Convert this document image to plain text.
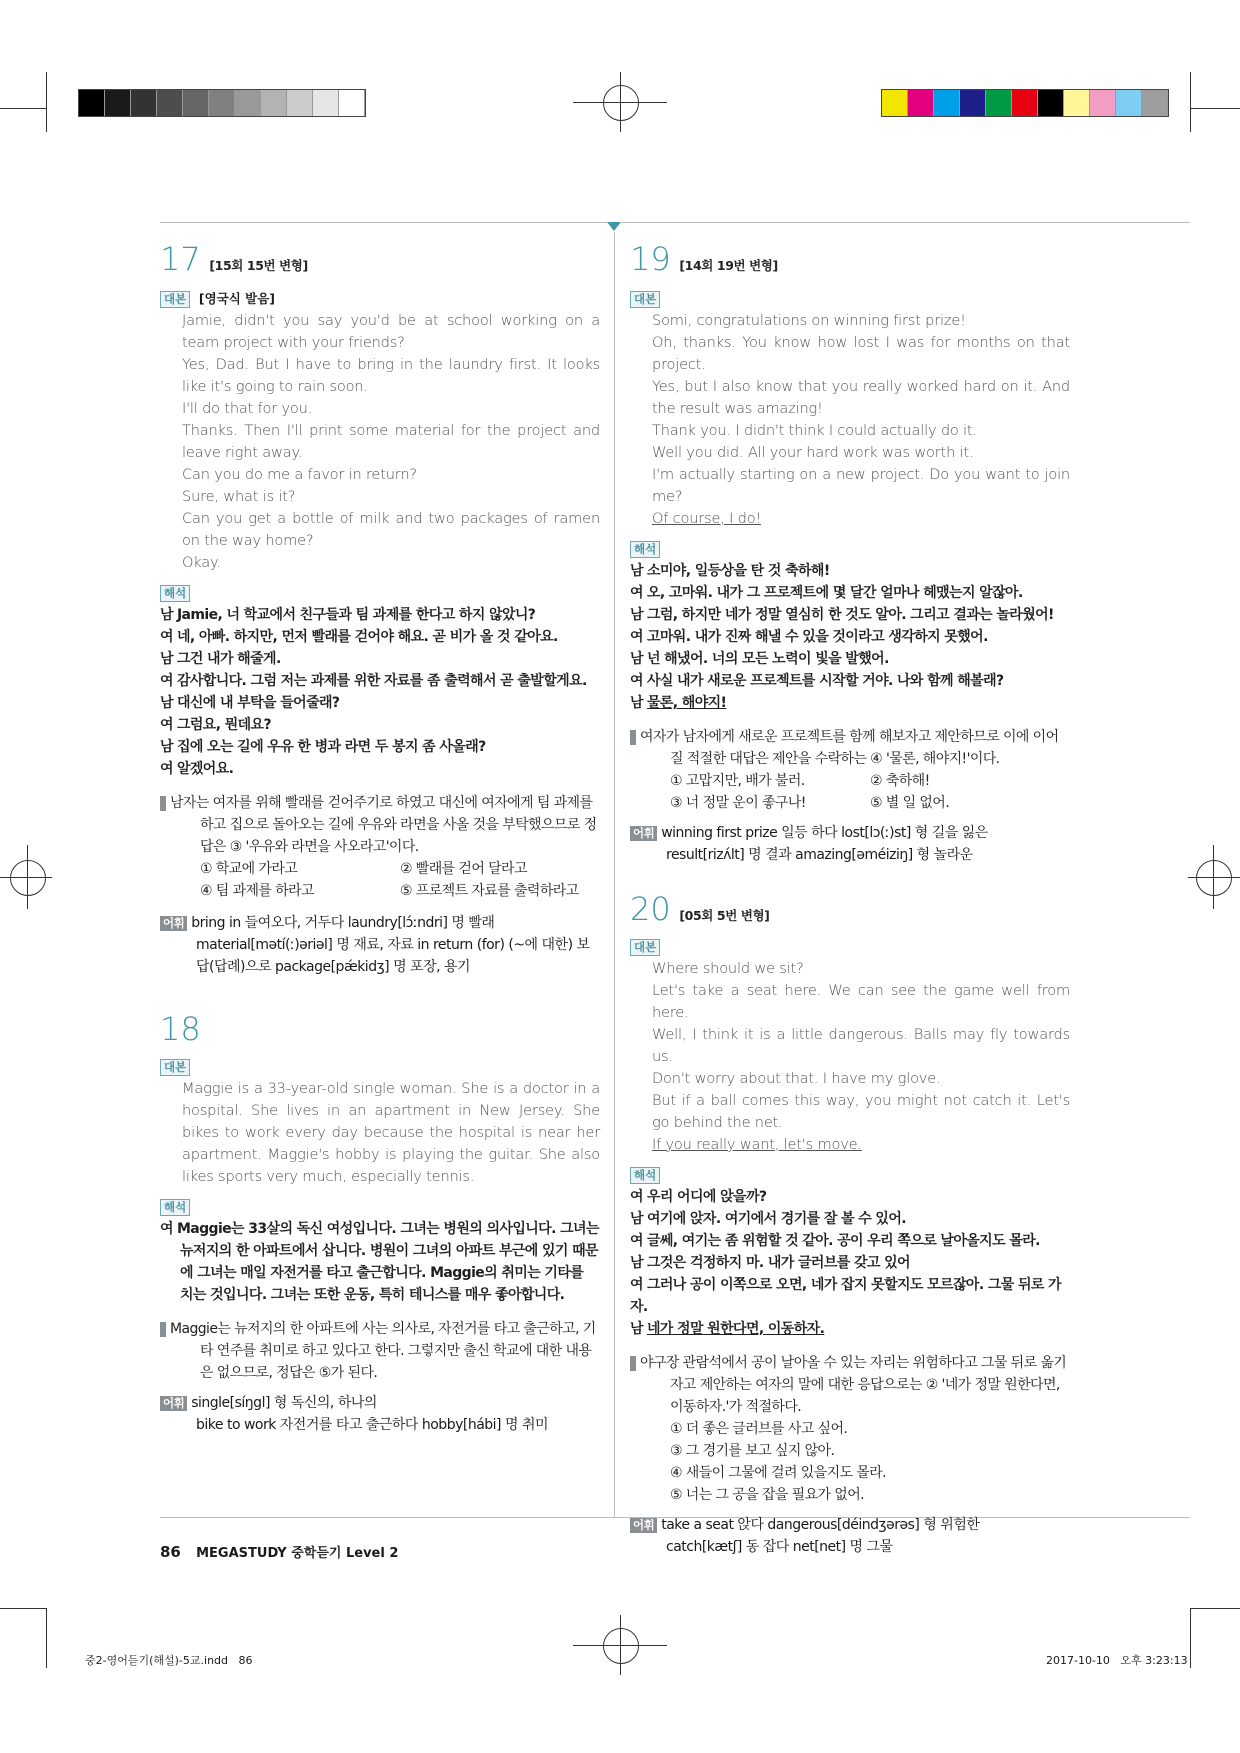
17 [15회 15번 변형]
대본 [영국식 발음]

Jamie, didn't you say you'd be at school working on a team project with your friends?

Yes, Dad. But I have to bring in the laundry first. It looks like it's going to rain soon.

I'll do that for you.

Thanks. Then I'll print some material for the project and leave right away.

Can you do me a favor in return?

Sure, what is it?

Can you get a bottle of milk and two packages of ramen on the way home?

Okay.

해석

남 Jamie, 너 학교에서 친구들과 팀 과제를 한다고 하지 않았니?

여 네, 아빠. 하지만, 먼저 빨래를 걷어야 해요. 곧 비가 올 것 같아요.

남 그건 내가 해줄게.

여 감사합니다. 그럼 저는 과제를 위한 자료를 좀 출력해서 곧 출발할게요.

남 대신에 내 부탁을 들어줄래?

여 그럼요, 뭔데요?

남 집에 오는 길에 우유 한 병과 라면 두 봉지 좀 사올래?

여 알겠어요.

해설 남자는 여자를 위해 빨래를 걷어주기로 하였고 대신에 여자에게 팀 과제를 하고 집으로 돌아오는 길에 우유와 라면을 사올 것을 부탁했으므로 정답은 ③ '우유와 라면을 사오라고'이다.
① 학교에 가라고	② 빨래를 걷어 달라고
④ 팀 과제를 하라고	⑤ 프로젝트 자료를 출력하라고
어휘 bring in 들여오다, 거두다 laundry[lɔ́ːndri] 명 빨래
material[mətí(ː)əriəl] 명 재료, 자료 in return (for) (~에 대한) 보답(답례)으로 package[pǽkidʒ] 명 포장, 용기
18
대본

Maggie is a 33-year-old single woman. She is a doctor in a hospital. She lives in an apartment in New Jersey. She bikes to work every day because the hospital is near her apartment. Maggie's hobby is playing the guitar. She also likes sports very much, especially tennis.

해석

여 Maggie는 33살의 독신 여성입니다. 그녀는 병원의 의사입니다. 그녀는 뉴저지의 한 아파트에서 삽니다. 병원이 그녀의 아파트 부근에 있기 때문에 그녀는 매일 자전거를 타고 출근합니다. Maggie의 취미는 기타를 치는 것입니다. 그녀는 또한 운동, 특히 테니스를 매우 좋아합니다.

해설 Maggie는 뉴저지의 한 아파트에 사는 의사로, 자전거를 타고 출근하고, 기타 연주를 취미로 하고 있다고 한다. 그렇지만 출신 학교에 대한 내용은 없으므로, 정답은 ⑤가 된다.
어휘 single[síŋgl] 형 독신의, 하나의
bike to work 자전거를 타고 출근하다 hobby[hábi] 명 취미
19 [14회 19번 변형]
대본

Somi, congratulations on winning first prize!

Oh, thanks. You know how lost I was for months on that project.

Yes, but I also know that you really worked hard on it. And the result was amazing!

Thank you. I didn't think I could actually do it.

Well you did. All your hard work was worth it.

I'm actually starting on a new project. Do you want to join me?

Of course, I do!

해석

남 소미야, 일등상을 탄 것 축하해!

여 오, 고마워. 내가 그 프로젝트에 몇 달간 얼마나 헤맸는지 알잖아.

남 그럼, 하지만 네가 정말 열심히 한 것도 알아. 그리고 결과는 놀라웠어!

여 고마워. 내가 진짜 해낼 수 있을 것이라고 생각하지 못했어.

남 넌 해냈어. 너의 모든 노력이 빛을 발했어.

여 사실 내가 새로운 프로젝트를 시작할 거야. 나와 함께 해볼래?

남 물론, 해야지!

해설 여자가 남자에게 새로운 프로젝트를 함께 해보자고 제안하므로 이에 이어질 적절한 대답은 제안을 수락하는 ④ '물론, 해야지!'이다.
① 고맙지만, 배가 불러.	② 축하해!
③ 너 정말 운이 좋구나!	⑤ 별 일 없어.
어휘 winning first prize 일등 하다 lost[lɔ(ː)st] 형 길을 잃은
result[rizʌ́lt] 명 결과 amazing[əméiziŋ] 형 놀라운
20 [05회 5번 변형]
대본

Where should we sit?

Let's take a seat here. We can see the game well from here.

Well, I think it is a little dangerous. Balls may fly towards us.

Don't worry about that. I have my glove.

But if a ball comes this way, you might not catch it. Let's go behind the net.

If you really want, let's move.

해석

여 우리 어디에 앉을까?

남 여기에 앉자. 여기에서 경기를 잘 볼 수 있어.

여 글쎄, 여기는 좀 위험할 것 같아. 공이 우리 쪽으로 날아올지도 몰라.

남 그것은 걱정하지 마. 내가 글러브를 갖고 있어

여 그러나 공이 이쪽으로 오면, 네가 잡지 못할지도 모르잖아. 그물 뒤로 가자.

남 네가 정말 원한다면, 이동하자.

해설 야구장 관람석에서 공이 날아올 수 있는 자리는 위험하다고 그물 뒤로 옮기자고 제안하는 여자의 말에 대한 응답으로는 ② '네가 정말 원한다면, 이동하자.'가 적절하다.
① 더 좋은 글러브를 사고 싶어.
③ 그 경기를 보고 싶지 않아.
④ 새들이 그물에 걸려 있을지도 몰라.
⑤ 너는 그 공을 잡을 필요가 없어.
어휘 take a seat 앉다 dangerous[déindʒərəs] 형 위험한
catch[kætʃ] 동 잡다 net[net] 명 그물
86 MEGASTUDY 중학듣기 Level 2
중2-영어듣기(해설)-5교.indd   86	2017-10-10   오후 3:23:13
